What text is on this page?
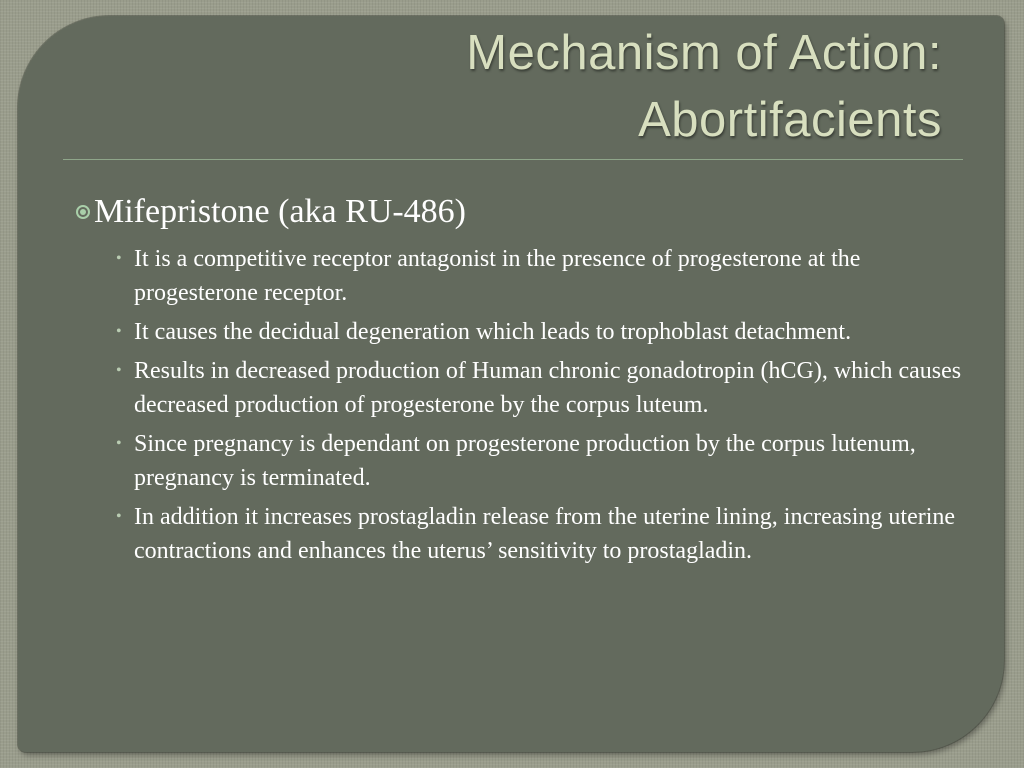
Mechanism of Action:
Abortifacients
Mifepristone (aka RU-486)
• It is a competitive receptor antagonist in the presence of progesterone at the progesterone receptor.
• It causes the decidual degeneration which leads to trophoblast detachment.
• Results in decreased production of Human chronic gonadotropin (hCG), which causes decreased production of progesterone by the corpus luteum.
• Since pregnancy is dependant on progesterone production by the corpus lutenum, pregnancy is terminated.
• In addition it increases prostagladin release from the uterine lining, increasing uterine contractions and enhances the uterus’ sensitivity to prostagladin.
